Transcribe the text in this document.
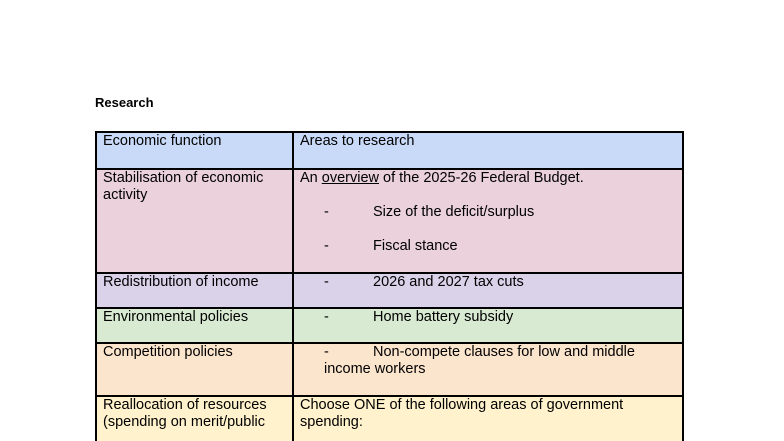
Research
Economic function	Areas to research
Stabilisation of economic activity	An overview of the 2025-26 Federal Budget.
- Size of the deficit/surplus
- Fiscal stance

Redistribution of income	- 2026 and 2027 tax cuts

Environmental policies	- Home battery subsidy

Competition policies	- Non-compete clauses for low and middle income workers

Reallocation of resources (spending on merit/public	Choose ONE of the following areas of government spending:
